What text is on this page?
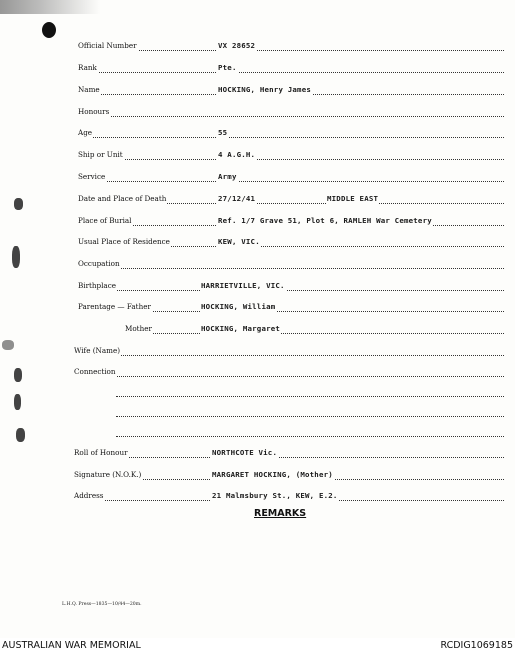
Official Number	VX 28652
Rank	Pte.
Name	HOCKING, Henry James
Honours
Age	55
Ship or Unit	4 A.G.H.
Service	Army
Date and Place of Death	27/12/41	MIDDLE EAST
Place of Burial	Ref. 1/7 Grave 51, Plot 6, RAMLEH War Cemetery
Usual Place of Residence	KEW, VIC.
Occupation
Birthplace	HARRIETVILLE, VIC.
Parentage — Father	HOCKING, William
Mother	HOCKING, Margaret
Wife (Name)
Connection
Roll of Honour	NORTHCOTE Vic.
Signature (N.O.K.)	MARGARET HOCKING, (Mother)
Address	21 Malmsbury St., KEW, E.2.
REMARKS
L.H.Q. Press—1835—10/44—20m.
AUSTRALIAN WAR MEMORIAL	RCDIG1069185
